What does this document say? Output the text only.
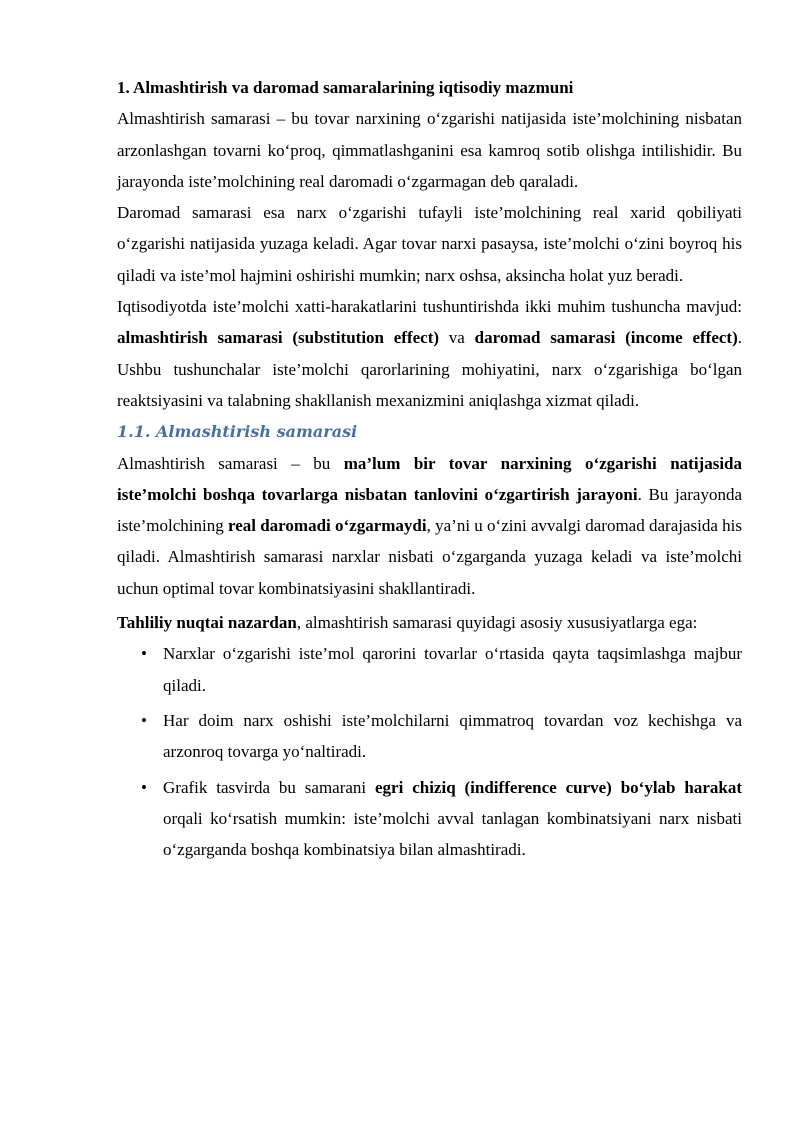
1. Almashtirish va daromad samaralarining iqtisodiy mazmuni

Almashtirish samarasi – bu tovar narxining o‘zgarishi natijasida iste’molchining nisbatan arzonlashgan tovarni ko‘proq, qimmatlashganini esa kamroq sotib olishga intilishidir. Bu jarayonda iste’molchining real daromadi o‘zgarmagan deb qaraladi.

Daromad samarasi esa narx o‘zgarishi tufayli iste’molchining real xarid qobiliyati o‘zgarishi natijasida yuzaga keladi. Agar tovar narxi pasaysa, iste’molchi o‘zini boyroq his qiladi va iste’mol hajmini oshirishi mumkin; narx oshsa, aksincha holat yuz beradi.

Iqtisodiyotda iste’molchi xatti-harakatlarini tushuntirishda ikki muhim tushuncha mavjud: almashtirish samarasi (substitution effect) va daromad samarasi (income effect). Ushbu tushunchalar iste’molchi qarorlarining mohiyatini, narx o‘zgarishiga bo‘lgan reaktsiyasini va talabning shakllanish mexanizmini aniqlashga xizmat qiladi.

1.1. Almashtirish samarasi

Almashtirish samarasi – bu ma’lum bir tovar narxining o‘zgarishi natijasida iste’molchi boshqa tovarlarga nisbatan tanlovini o‘zgartirish jarayoni. Bu jarayonda iste’molchining real daromadi o‘zgarmaydi, ya’ni u o‘zini avvalgi daromad darajasida his qiladi. Almashtirish samarasi narxlar nisbati o‘zgarganda yuzaga keladi va iste’molchi uchun optimal tovar kombinatsiyasini shakllantiradi.

Tahliliy nuqtai nazardan, almashtirish samarasi quyidagi asosiy xususiyatlarga ega:

• Narxlar o‘zgarishi iste’mol qarorini tovarlar o‘rtasida qayta taqsimlashga majbur qiladi.
• Har doim narx oshishi iste’molchilarni qimmatroq tovardan voz kechishga va arzonroq tovarga yo‘naltiradi.
• Grafik tasvirda bu samarani egri chiziq (indifference curve) bo‘ylab harakat orqali ko‘rsatish mumkin: iste’molchi avval tanlagan kombinatsiyani narx nisbati o‘zgarganda boshqa kombinatsiya bilan almashtiradi.
